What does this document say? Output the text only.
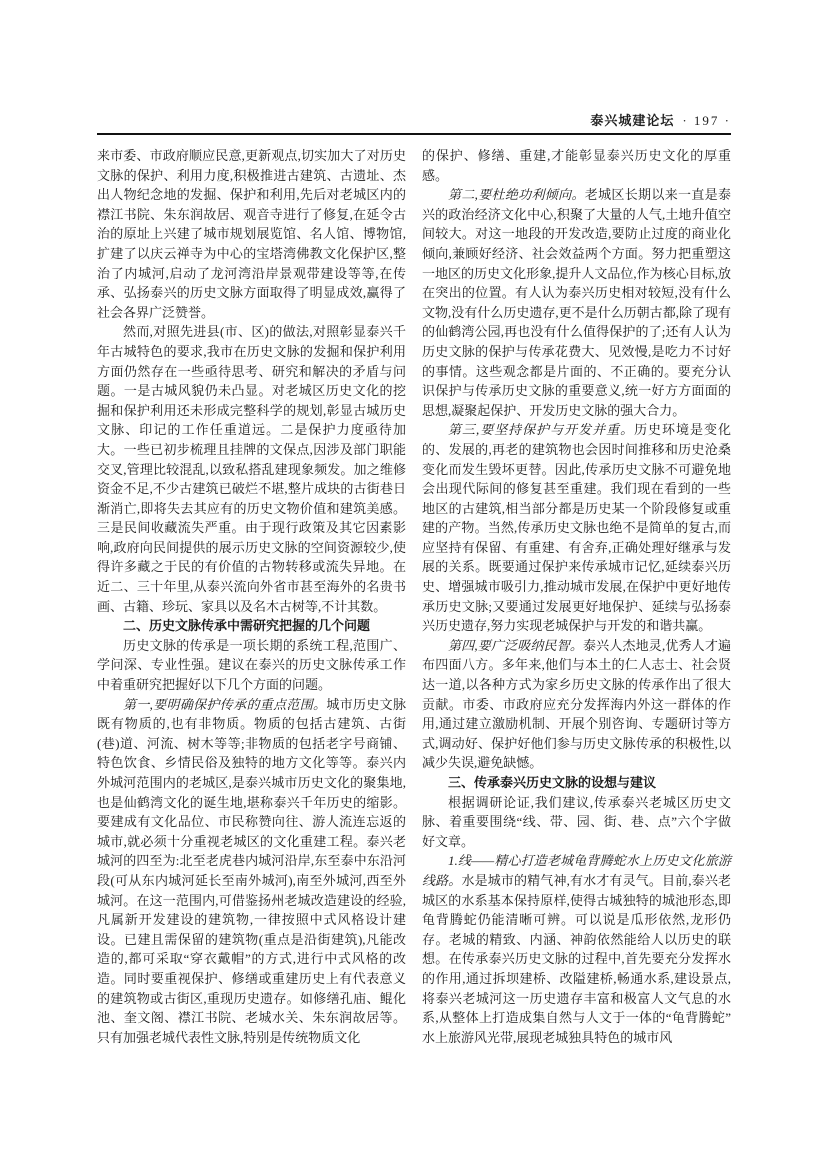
泰兴城建论坛 · 197 ·

来市委、市政府顺应民意,更新观点,切实加大了对历史文脉的保护、利用力度,积极推进古建筑、古遗址、杰出人物纪念地的发掘、保护和利用,先后对老城区内的襟江书院、朱东润故居、观音寺进行了修复,在延令古治的原址上兴建了城市规划展览馆、名人馆、博物馆,扩建了以庆云禅寺为中心的宝塔湾佛教文化保护区,整治了内城河,启动了龙河湾沿岸景观带建设等等,在传承、弘扬泰兴的历史文脉方面取得了明显成效,赢得了社会各界广泛赞誉。

然而,对照先进县(市、区)的做法,对照彰显泰兴千年古城特色的要求,我市在历史文脉的发掘和保护利用方面仍然存在一些亟待思考、研究和解决的矛盾与问题。一是古城风貌仍未凸显。对老城区历史文化的挖掘和保护利用还未形成完整科学的规划,彰显古城历史文脉、印记的工作任重道远。二是保护力度亟待加大。一些已初步梳理且挂牌的文保点,因涉及部门职能交叉,管理比较混乱,以致私搭乱建现象频发。加之维修资金不足,不少古建筑已破烂不堪,整片成块的古街巷日渐消亡,即将失去其应有的历史文物价值和建筑美感。三是民间收藏流失严重。由于现行政策及其它因素影响,政府向民间提供的展示历史文脉的空间资源较少,使得许多藏之于民的有价值的古物转移或流失异地。在近二、三十年里,从泰兴流向外省市甚至海外的名贵书画、古籍、珍玩、家具以及名木古树等,不计其数。

二、历史文脉传承中需研究把握的几个问题

历史文脉的传承是一项长期的系统工程,范围广、学问深、专业性强。建议在泰兴的历史文脉传承工作中着重研究把握好以下几个方面的问题。

第一,要明确保护传承的重点范围。城市历史文脉既有物质的,也有非物质。物质的包括古建筑、古街(巷)道、河流、树木等等;非物质的包括老字号商铺、特色饮食、乡情民俗及独特的地方文化等等。泰兴内外城河范围内的老城区,是泰兴城市历史文化的聚集地,也是仙鹤湾文化的诞生地,堪称泰兴千年历史的缩影。要建成有文化品位、市民称赞向往、游人流连忘返的城市,就必须十分重视老城区的文化重建工程。泰兴老城河的四至为:北至老虎巷内城河沿岸,东至泰中东沿河段(可从东内城河延长至南外城河),南至外城河,西至外城河。在这一范围内,可借鉴扬州老城改造建设的经验,凡属新开发建设的建筑物,一律按照中式风格设计建设。已建且需保留的建筑物(重点是沿街建筑),凡能改造的,都可采取“穿衣戴帽”的方式,进行中式风格的改造。同时要重视保护、修缮或重建历史上有代表意义的建筑物或古街区,重现历史遗存。如修缮孔庙、鲲化池、奎文阁、襟江书院、老城水关、朱东润故居等。只有加强老城代表性文脉,特别是传统物质文化

的保护、修缮、重建,才能彰显泰兴历史文化的厚重感。

第二,要杜绝功利倾向。老城区长期以来一直是泰兴的政治经济文化中心,积聚了大量的人气,土地升值空间较大。对这一地段的开发改造,要防止过度的商业化倾向,兼顾好经济、社会效益两个方面。努力把重塑这一地区的历史文化形象,提升人文品位,作为核心目标,放在突出的位置。有人认为泰兴历史相对较短,没有什么文物,没有什么历史遗存,更不是什么历朝古都,除了现有的仙鹤湾公园,再也没有什么值得保护的了;还有人认为历史文脉的保护与传承花费大、见效慢,是吃力不讨好的事情。这些观念都是片面的、不正确的。要充分认识保护与传承历史文脉的重要意义,统一好方方面面的思想,凝聚起保护、开发历史文脉的强大合力。

第三,要坚持保护与开发并重。历史环境是变化的、发展的,再老的建筑物也会因时间推移和历史沧桑变化而发生毁坏更替。因此,传承历史文脉不可避免地会出现代际间的修复甚至重建。我们现在看到的一些地区的古建筑,相当部分都是历史某一个阶段修复或重建的产物。当然,传承历史文脉也绝不是简单的复古,而应坚持有保留、有重建、有舍弃,正确处理好继承与发展的关系。既要通过保护来传承城市记忆,延续泰兴历史、增强城市吸引力,推动城市发展,在保护中更好地传承历史文脉;又要通过发展更好地保护、延续与弘扬泰兴历史遗存,努力实现老城保护与开发的和谐共赢。

第四,要广泛吸纳民智。泰兴人杰地灵,优秀人才遍布四面八方。多年来,他们与本土的仁人志士、社会贤达一道,以各种方式为家乡历史文脉的传承作出了很大贡献。市委、市政府应充分发挥海内外这一群体的作用,通过建立激励机制、开展个别咨询、专题研讨等方式,调动好、保护好他们参与历史文脉传承的积极性,以减少失误,避免缺憾。

三、传承泰兴历史文脉的设想与建议

根据调研论证,我们建议,传承泰兴老城区历史文脉、着重要围绕“线、带、园、街、巷、点”六个字做好文章。

1.线——精心打造老城龟背腾蛇水上历史文化旅游线路。水是城市的精气神,有水才有灵气。目前,泰兴老城区的水系基本保持原样,使得古城独特的城池形态,即龟背腾蛇仍能清晰可辨。可以说是瓜形依然,龙形仍存。老城的精致、内涵、神韵依然能给人以历史的联想。在传承泰兴历史文脉的过程中,首先要充分发挥水的作用,通过拆坝建桥、改隘建桥,畅通水系,建设景点,将泰兴老城河这一历史遗存丰富和极富人文气息的水系,从整体上打造成集自然与人文于一体的“龟背腾蛇”水上旅游风光带,展现老城独具特色的城市风
